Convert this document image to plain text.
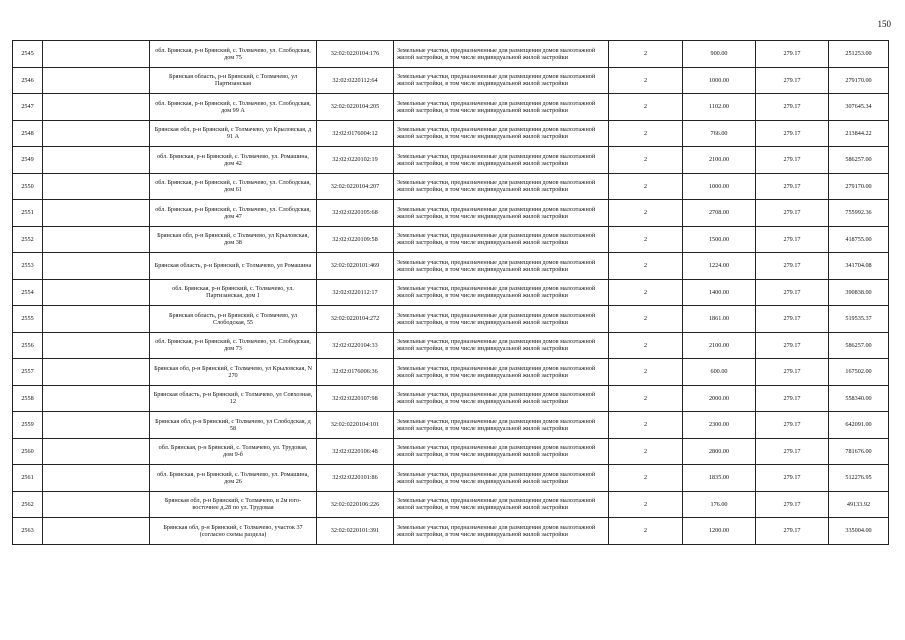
150
2545		обл. Брянская, р-н Брянский, с. Толмачево, ул. Слободская, дом 75	32:02:0220104:176	Земельные участки, предназначенные для размещения домов малоэтажной жилой застройки, в том числе индивидуальной жилой застройки	2	900.00	279.17	251253.00
2546		Брянская область, р-н Брянский, с Толмачево, ул Партизанская	32:02:0220112:64	Земельные участки, предназначенные для размещения домов малоэтажной жилой застройки, в том числе индивидуальной жилой застройки	2	1000.00	279.17	279170.00
2547		обл. Брянская, р-н Брянский, с. Толмачево, ул. Слободская, дом 99 А	32:02:0220104:205	Земельные участки, предназначенные для размещения домов малоэтажной жилой застройки, в том числе индивидуальной жилой застройки	2	1102.00	279.17	307645.34
2548		Брянская обл, р-н Брянский, с Толмачево, ул Крыловская, д 91 А	32:02:0176004:12	Земельные участки, предназначенные для размещения домов малоэтажной жилой застройки, в том числе индивидуальной жилой застройки	2	766.00	279.17	213844.22
2549		обл. Брянская, р-н Брянский, с. Толмачево, ул. Ромашина, дом 42	32:02:0220102:19	Земельные участки, предназначенные для размещения домов малоэтажной жилой застройки, в том числе индивидуальной жилой застройки	2	2100.00	279.17	586257.00
2550		обл. Брянская, р-н Брянский, с. Толмачево, ул. Слободская, дом 61	32:02:0220104:207	Земельные участки, предназначенные для размещения домов малоэтажной жилой застройки, в том числе индивидуальной жилой застройки	2	1000.00	279.17	279170.00
2551		обл. Брянская, р-н Брянский, с. Толмачево, ул. Слободская, дом 47	32:02:0220105:68	Земельные участки, предназначенные для размещения домов малоэтажной жилой застройки, в том числе индивидуальной жилой застройки	2	2708.00	279.17	755992.36
2552		Брянская обл, р-н Брянский, с Толмачево, ул Крыловская, дом 38	32:02:0220109:58	Земельные участки, предназначенные для размещения домов малоэтажной жилой застройки, в том числе индивидуальной жилой застройки	2	1500.00	279.17	418755.00
2553		Брянская область, р-н Брянский, с Толмачево, ул Ромашина	32:02:0220101:469	Земельные участки, предназначенные для размещения домов малоэтажной жилой застройки, в том числе индивидуальной жилой застройки	2	1224.00	279.17	341704.08
2554		обл. Брянская, р-н Брянский, с. Толмачево, ул. Партизанская, дом 1	32:02:0220112:17	Земельные участки, предназначенные для размещения домов малоэтажной жилой застройки, в том числе индивидуальной жилой застройки	2	1400.00	279.17	390838.00
2555		Брянская область, р-н Брянский, с Толмачево, ул Слободская, 55	32:02:0220104:272	Земельные участки, предназначенные для размещения домов малоэтажной жилой застройки, в том числе индивидуальной жилой застройки	2	1861.00	279.17	519535.37
2556		обл. Брянская, р-н Брянский, с. Толмачево, ул. Слободская, дом 73	32:02:0220104:33	Земельные участки, предназначенные для размещения домов малоэтажной жилой застройки, в том числе индивидуальной жилой застройки	2	2100.00	279.17	586257.00
2557		Брянская обл, р-н Брянский, с Толмачево, ул Крыловская, N 270	32:02:0176006:36	Земельные участки, предназначенные для размещения домов малоэтажной жилой застройки, в том числе индивидуальной жилой застройки	2	600.00	279.17	167502.00
2558		Брянская область, р-н Брянский, с Толмачево, ул Совхозная, 12	32:02:0220107:98	Земельные участки, предназначенные для размещения домов малоэтажной жилой застройки, в том числе индивидуальной жилой застройки	2	2000.00	279.17	558340.00
2559		Брянская обл, р-н Брянский, с Толмачево, ул Слободская, д 58	32:02:0220104:101	Земельные участки, предназначенные для размещения домов малоэтажной жилой застройки, в том числе индивидуальной жилой застройки	2	2300.00	279.17	642091.00
2560		обл. Брянская, р-н Брянский, с. Толмачево, ул. Трудовая, дом 9-б	32:02:0220106:48	Земельные участки, предназначенные для размещения домов малоэтажной жилой застройки, в том числе индивидуальной жилой застройки	2	2800.00	279.17	781676.00
2561		обл. Брянская, р-н Брянский, с. Толмачево, ул. Ромашина, дом 26	32:02:0220101:86	Земельные участки, предназначенные для размещения домов малоэтажной жилой застройки, в том числе индивидуальной жилой застройки	2	1835.00	279.17	512276.95
2562		Брянская обл, р-н Брянский, с Толмачево, в 2м юго-восточнее д.28 по ул. Трудовая	32:02:0220106:226	Земельные участки, предназначенные для размещения домов малоэтажной жилой застройки, в том числе индивидуальной жилой застройки	2	176.00	279.17	49133.92
2563		Брянская обл, р-н Брянский, с Толмачево, участок 37 (согласно схемы раздела)	32:02:0220101:391	Земельные участки, предназначенные для размещения домов малоэтажной жилой застройки, в том числе индивидуальной жилой застройки	2	1200.00	279.17	335004.00
